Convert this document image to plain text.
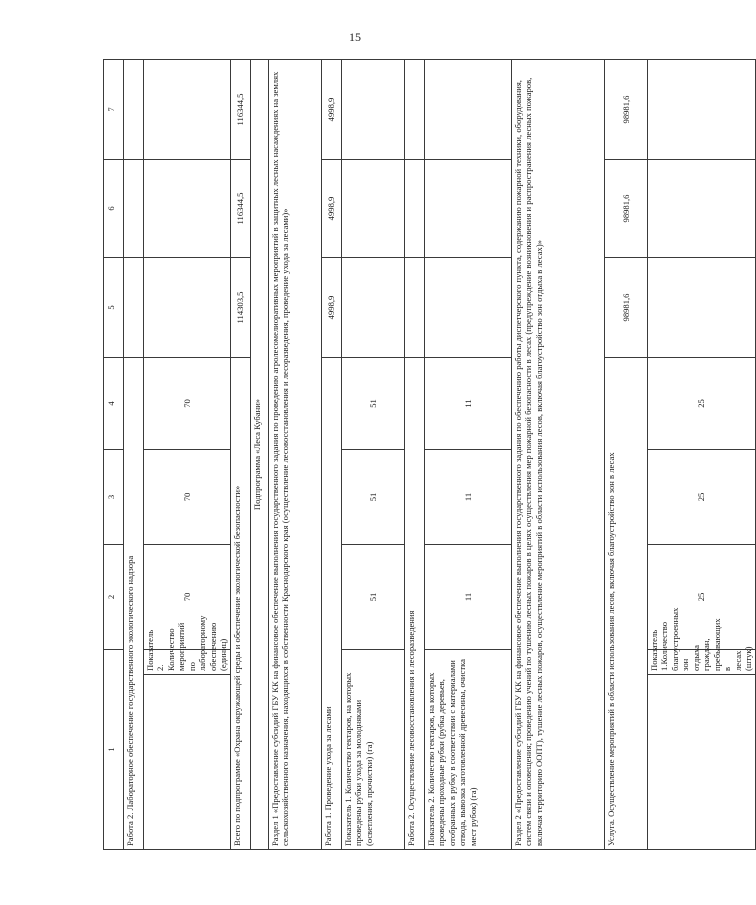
15
1		2	3	4	5	6	7
Работа 2. Лабораторное обеспечение государственного экологического надзора							
	Показатель 2. Количество мероприятий по лабораторному обеспечению (единиц)	70	70	70			
Всего по подпрограмме «Охрана окружающей среды и обеспечение экологической безопасности»					114303,5	116344,5	116344,5
Подпрограмма «Леса Кубани»							
Раздел 1 «Предоставление субсидий ГБУ КК на финансовое обеспечение выполнения государственного задания по проведению агролесомелиоративных мероприятий в защитных лесных насаждениях на землях сельскохозяйственного назначения, находящихся в собственности Краснодарского края (осуществление лесовосстановления и лесоразведения, проведение ухода за лесами)»							
Работа 1. Проведение ухода за лесами					4998,9	4998,9	4998,9
Показатель 1. Количество гектаров, на которых проведены рубки ухода за молодняками (осветления, прочистки) (га)		51	51	51			
Работа 2. Осуществление лесовосстановления и лесоразведения							
Показатель 2. Количество гектаров, на которых проведены проходные рубки (рубка деревьев, отобранных в рубку в соответствии с материалами отвода, вывозка заготовленной древесины, очистка мест рубок) (га)		11	11	11			
Раздел 2 «Предоставление субсидий ГБУ КК на финансовое обеспечение выполнения государственного задания по обеспечению работы диспетчерского пункта, содержанию пожарной техники, оборудования, систем связи и оповещения; проведению учений по тушению лесных пожаров в целях осуществления мер пожарной безопасности в лесах (предупреждение возникновения и распространения лесных пожаров, включая территорию ООПТ), тушение лесных пожаров, осуществление мероприятий в области использования лесов, включая благоустройство зон отдыха в лесах)»							
Услуга. Осуществление мероприятий в области использования лесов, включая благоустройство зон в лесах					98981,6	98981,6	98981,6
	Показатель 1.Количество благоустроенных зон отдыха граждан, пребывающих в лесах (штук)	25	25	25			
